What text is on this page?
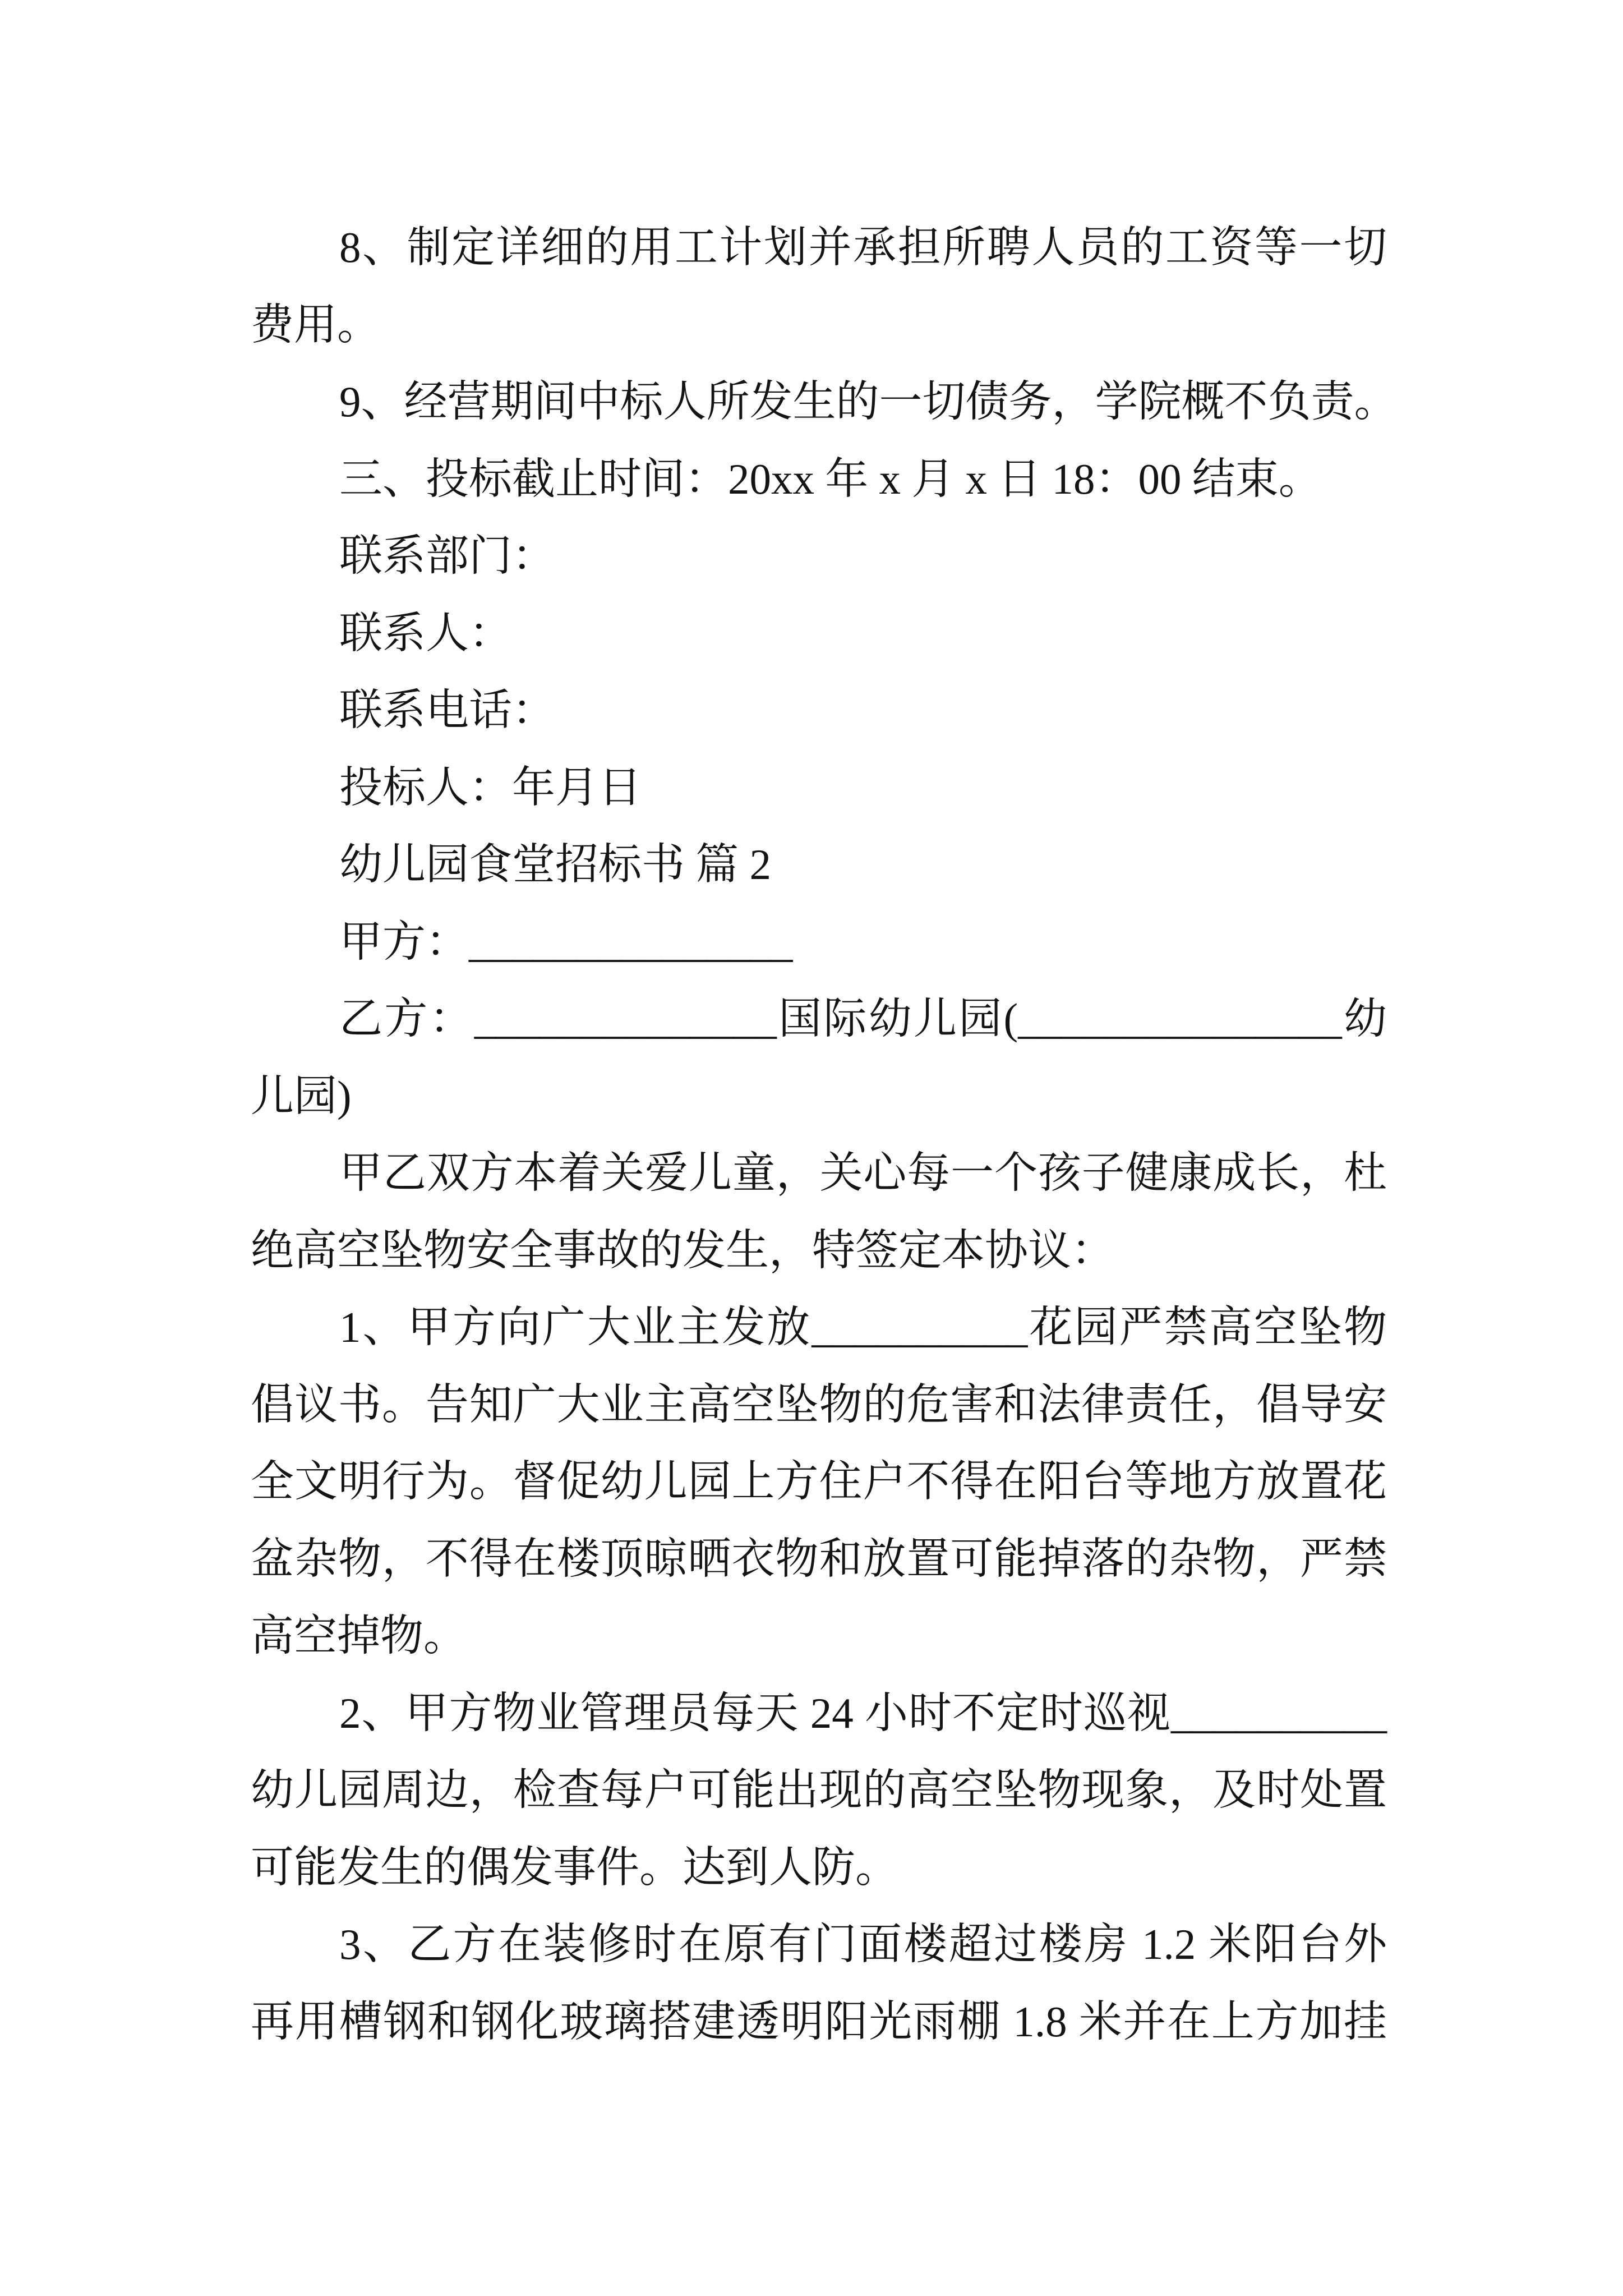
8、制定详细的用工计划并承担所聘人员的工资等一切
费用。
9、经营期间中标人所发生的一切债务，学院概不负责。
三、投标截止时间：20xx 年 x 月 x 日 18：00 结束。
联系部门：
联系人：
联系电话：
投标人：年月日
幼儿园食堂招标书 篇 2
甲方：_______________
乙方：______________国际幼儿园(_______________幼
儿园)
甲乙双方本着关爱儿童，关心每一个孩子健康成长，杜
绝高空坠物安全事故的发生，特签定本协议：
1、甲方向广大业主发放__________花园严禁高空坠物
倡议书。告知广大业主高空坠物的危害和法律责任，倡导安
全文明行为。督促幼儿园上方住户不得在阳台等地方放置花
盆杂物，不得在楼顶晾晒衣物和放置可能掉落的杂物，严禁
高空掉物。
2、甲方物业管理员每天 24 小时不定时巡视__________
幼儿园周边，检查每户可能出现的高空坠物现象，及时处置
可能发生的偶发事件。达到人防。
3、乙方在装修时在原有门面楼超过楼房 1.2 米阳台外
再用槽钢和钢化玻璃搭建透明阳光雨棚 1.8 米并在上方加挂
